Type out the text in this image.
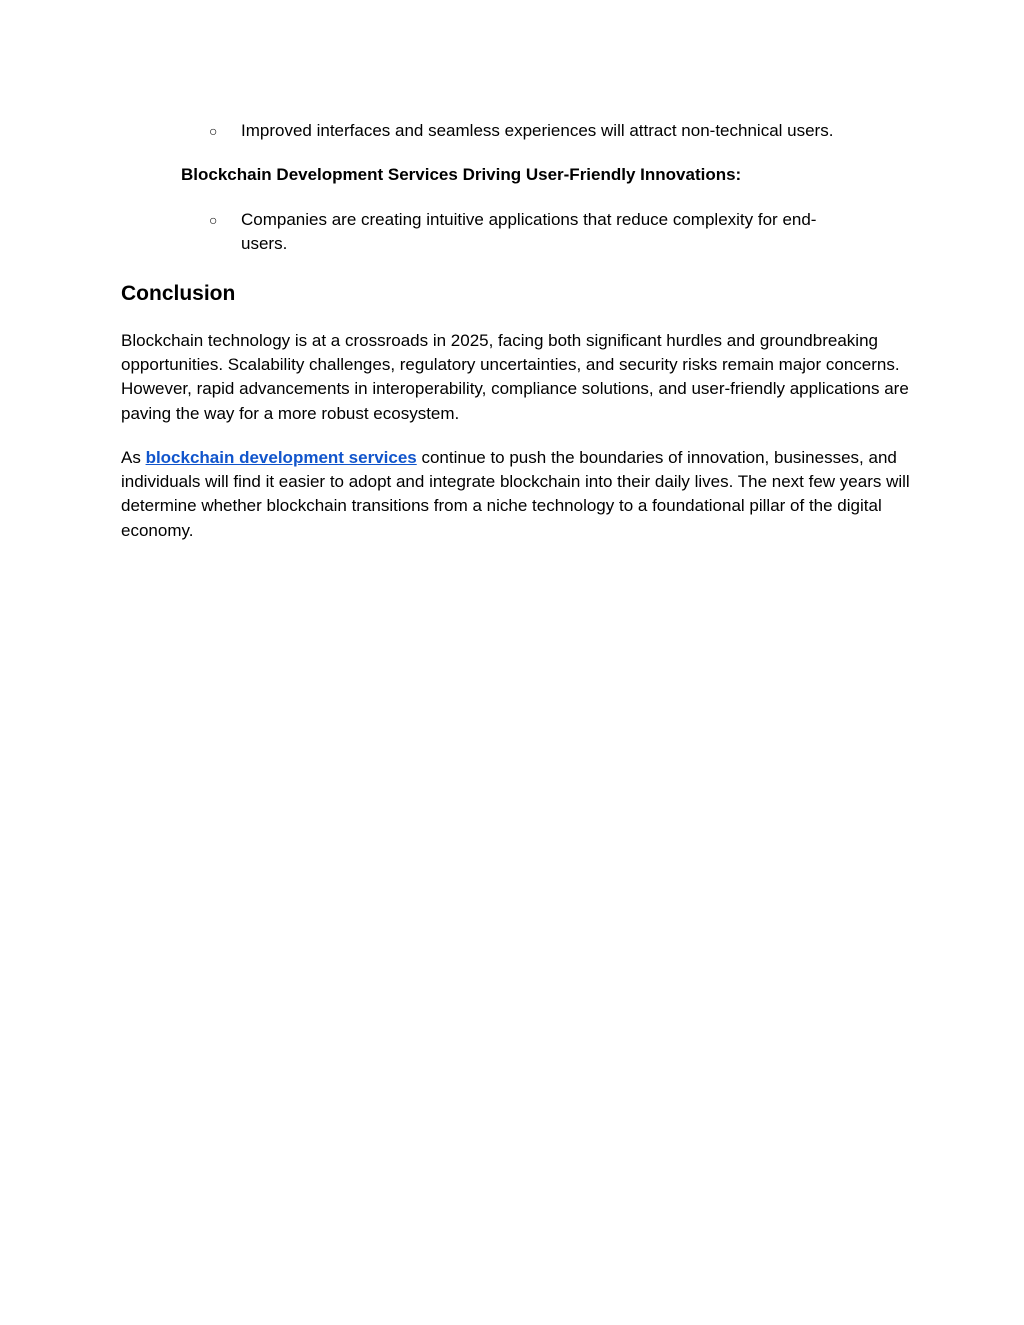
○	Improved interfaces and seamless experiences will attract non-technical users.
Blockchain Development Services Driving User-Friendly Innovations:
○	Companies are creating intuitive applications that reduce complexity for end-users.
Conclusion

Blockchain technology is at a crossroads in 2025, facing both significant hurdles and groundbreaking opportunities. Scalability challenges, regulatory uncertainties, and security risks remain major concerns. However, rapid advancements in interoperability, compliance solutions, and user-friendly applications are paving the way for a more robust ecosystem.

As blockchain development services continue to push the boundaries of innovation, businesses, and individuals will find it easier to adopt and integrate blockchain into their daily lives. The next few years will determine whether blockchain transitions from a niche technology to a foundational pillar of the digital economy.
